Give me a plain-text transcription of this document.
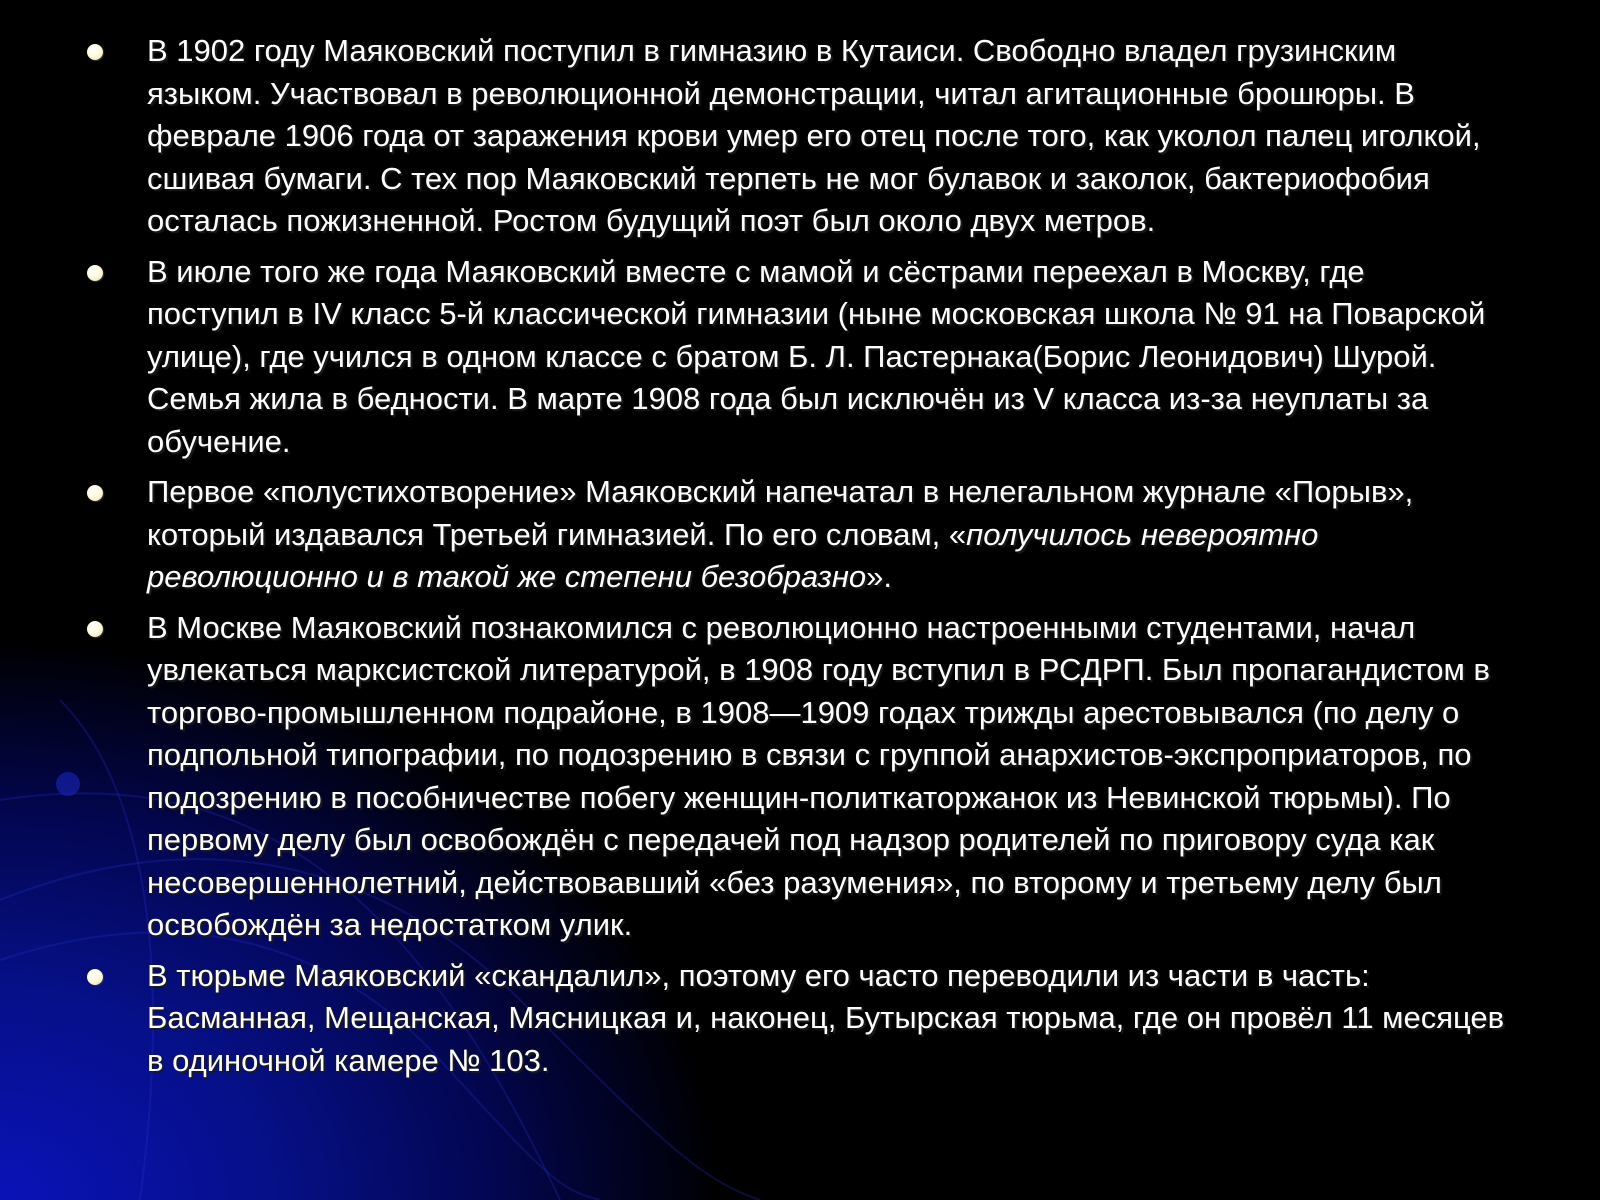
В 1902 году Маяковский поступил в гимназию в Кутаиси. Свободно владел грузинским языком. Участвовал в революционной демонстрации, читал агитационные брошюры. В феврале 1906 года от заражения крови умер его отец после того, как уколол палец иголкой, сшивая бумаги. С тех пор Маяковский терпеть не мог булавок и заколок, бактериофобия осталась пожизненной. Ростом будущий поэт был около двух метров.
В июле того же года Маяковский вместе с мамой и сёстрами переехал в Москву, где поступил в IV класс 5-й классической гимназии (ныне московская школа № 91 на Поварской улице), где учился в одном классе с братом Б. Л. Пастернака(Борис Леонидович) Шурой. Семья жила в бедности. В марте 1908 года был исключён из V класса из-за неуплаты за обучение.
Первое «полустихотворение» Маяковский напечатал в нелегальном журнале «Порыв», который издавался Третьей гимназией. По его словам, «получилось невероятно революционно и в такой же степени безобразно».
В Москве Маяковский познакомился с революционно настроенными студентами, начал увлекаться марксистской литературой, в 1908 году вступил в РСДРП. Был пропагандистом в торгово-промышленном подрайоне, в 1908—1909 годах трижды арестовывался (по делу о подпольной типографии, по подозрению в связи с группой анархистов-экспроприаторов, по подозрению в пособничестве побегу женщин-политкаторжанок из Невинской тюрьмы). По первому делу был освобождён с передачей под надзор родителей по приговору суда как несовершеннолетний, действовавший «без разумения», по второму и третьему делу был освобождён за недостатком улик.
В тюрьме Маяковский «скандалил», поэтому его часто переводили из части в часть: Басманная, Мещанская, Мясницкая и, наконец, Бутырская тюрьма, где он провёл 11 месяцев в одиночной камере № 103.
